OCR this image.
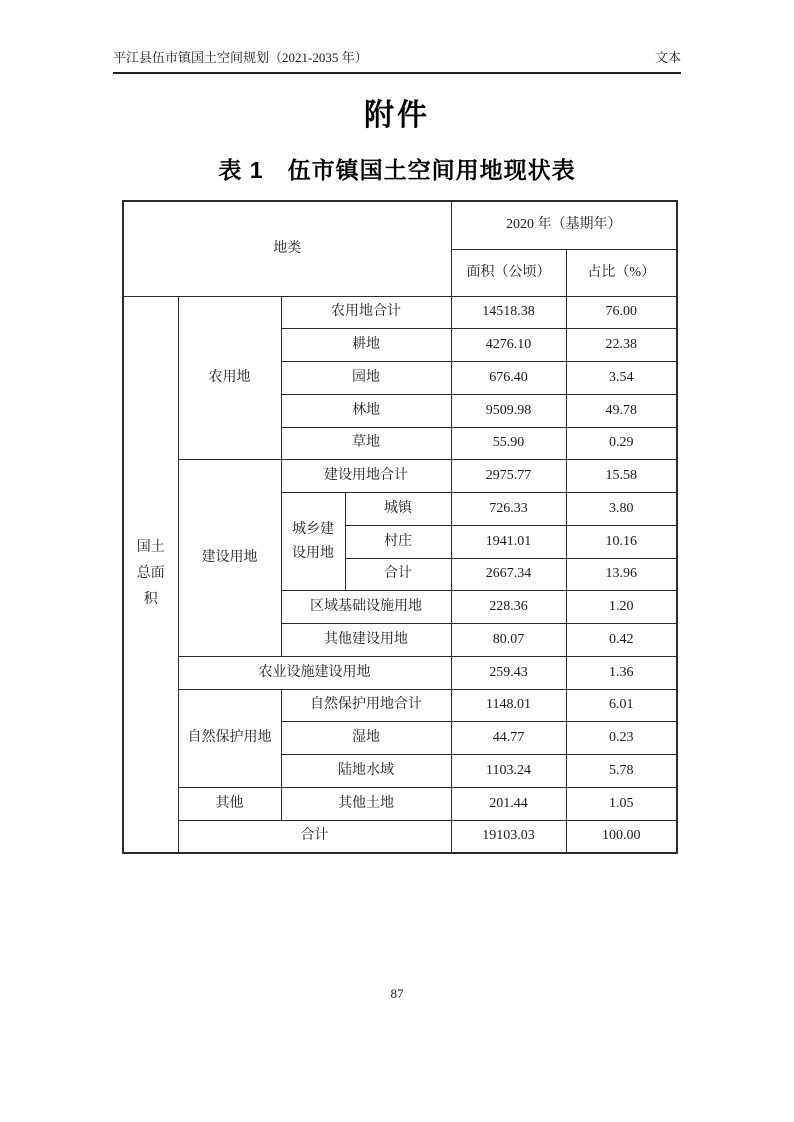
平江县伍市镇国土空间规划（2021-2035 年）	文本
附件
表 1　伍市镇国土空间用地现状表
地类				2020 年（基期年）	
				面积（公顷）	占比（%）

国土总面积	农用地	农用地合计		14518.38	76.00
		耕地		4276.10	22.38
		园地		676.40	3.54
		林地		9509.98	49.78
		草地		55.90	0.29
	建设用地	建设用地合计		2975.77	15.58

		城乡建设用地	城镇	726.33	3.80
			村庄	1941.01	10.16
			合计	2667.34	13.96
		区域基础设施用地		228.36	1.20
		其他建设用地		80.07	0.42
	农业设施建设用地			259.43	1.36
	自然保护用地	自然保护用地合计		1148.01	6.01
		湿地		44.77	0.23
		陆地水域		1103.24	5.78
	其他	其他土地		201.44	1.05
	合计			19103.03	100.00
87
